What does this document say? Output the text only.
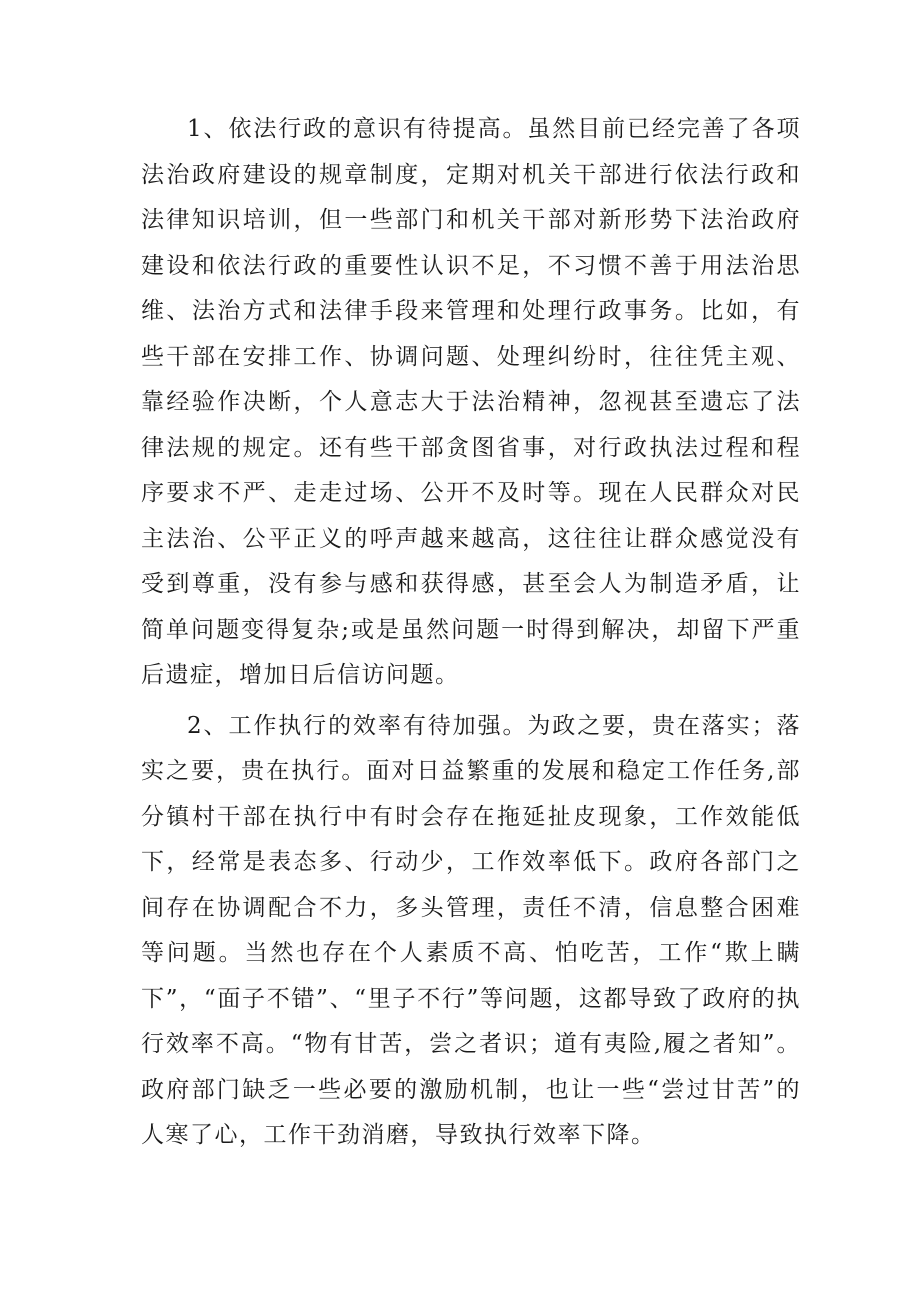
1、依法行政的意识有待提高。虽然目前已经完善了各项法治政府建设的规章制度，定期对机关干部进行依法行政和法律知识培训，但一些部门和机关干部对新形势下法治政府建设和依法行政的重要性认识不足，不习惯不善于用法治思维、法治方式和法律手段来管理和处理行政事务。比如，有些干部在安排工作、协调问题、处理纠纷时，往往凭主观、靠经验作决断，个人意志大于法治精神，忽视甚至遗忘了法律法规的规定。还有些干部贪图省事，对行政执法过程和程序要求不严、走走过场、公开不及时等。现在人民群众对民主法治、公平正义的呼声越来越高，这往往让群众感觉没有受到尊重，没有参与感和获得感，甚至会人为制造矛盾，让简单问题变得复杂;或是虽然问题一时得到解决，却留下严重后遗症，增加日后信访问题。

2、工作执行的效率有待加强。为政之要，贵在落实；落实之要，贵在执行。面对日益繁重的发展和稳定工作任务,部分镇村干部在执行中有时会存在拖延扯皮现象，工作效能低下，经常是表态多、行动少，工作效率低下。政府各部门之间存在协调配合不力，多头管理，责任不清，信息整合困难等问题。当然也存在个人素质不高、怕吃苦，工作“欺上瞒下”，“面子不错”、“里子不行”等问题，这都导致了政府的执行效率不高。“物有甘苦，尝之者识；道有夷险,履之者知”。政府部门缺乏一些必要的激励机制，也让一些“尝过甘苦”的人寒了心，工作干劲消磨，导致执行效率下降。
